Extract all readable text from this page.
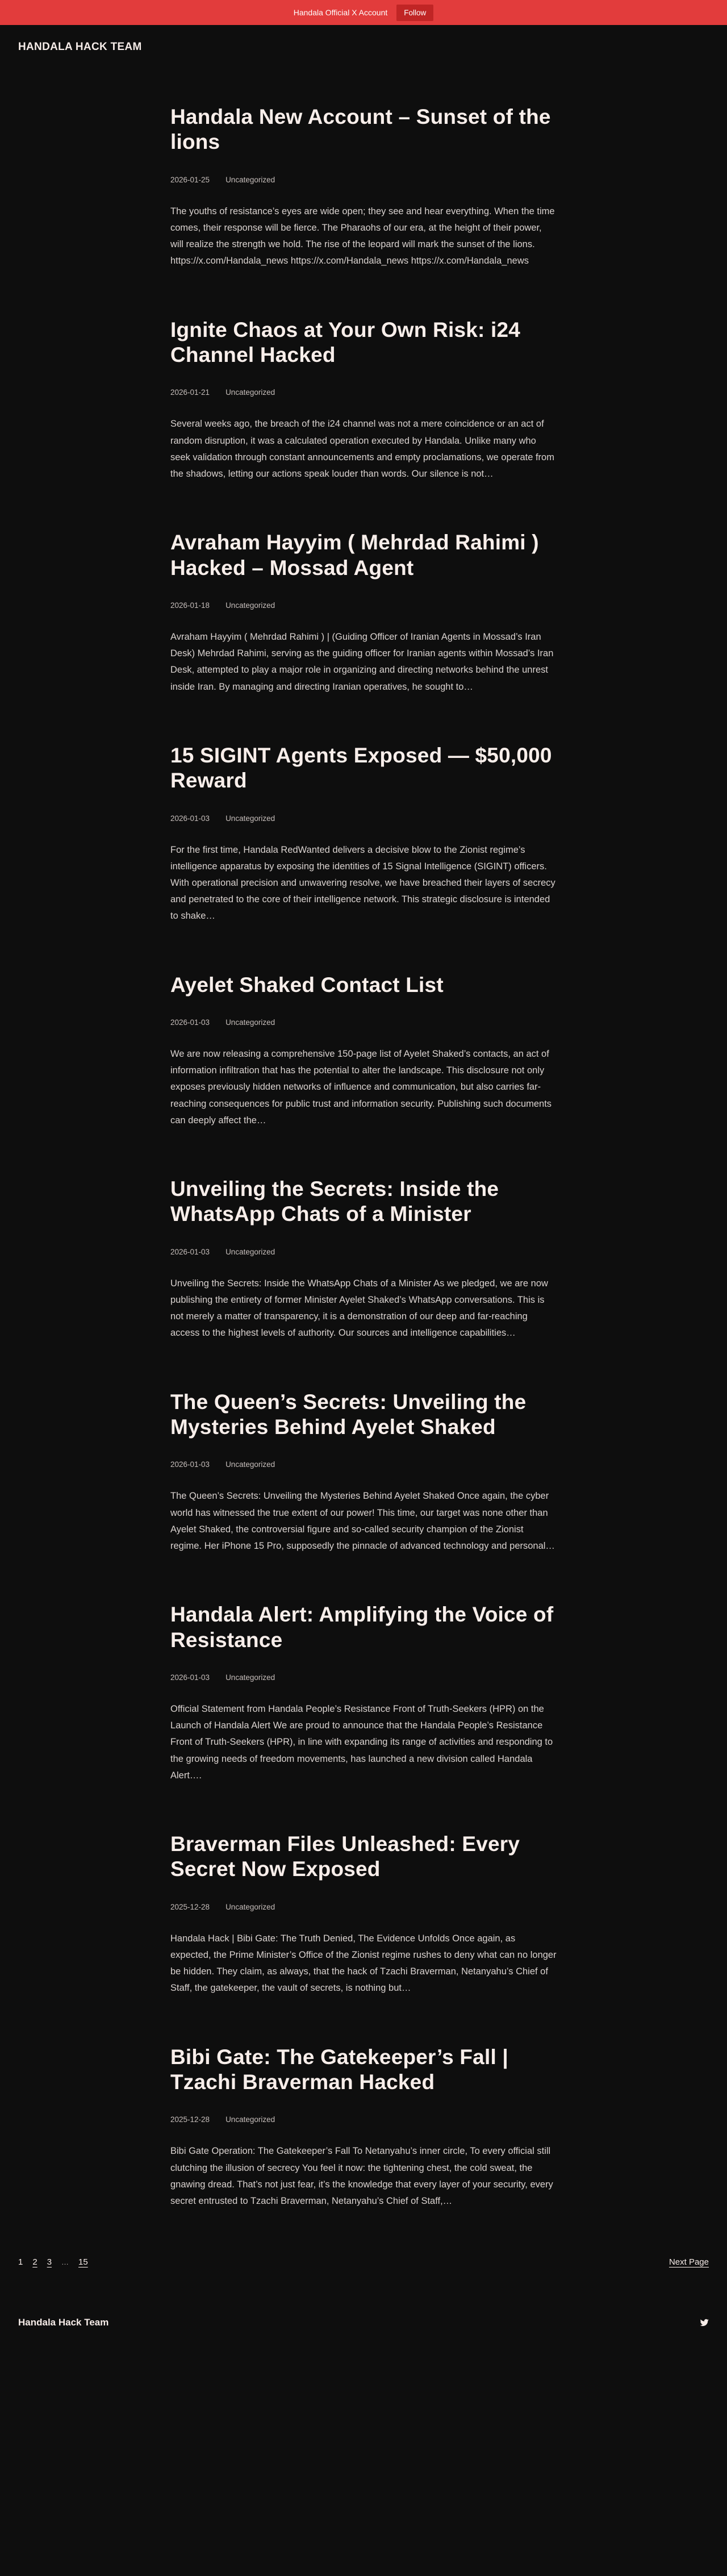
Handala Official X Account	Follow
HANDALA HACK TEAM
Handala New Account – Sunset of the lions
2026-01-25 Uncategorized

The youths of resistance’s eyes are wide open; they see and hear everything. When the time comes, their response will be fierce. The Pharaohs of our era, at the height of their power, will realize the strength we hold. The rise of the leopard will mark the sunset of the lions. https://x.com/Handala_news https://x.com/Handala_news https://x.com/Handala_news

Ignite Chaos at Your Own Risk: i24 Channel Hacked
2026-01-21 Uncategorized

Several weeks ago, the breach of the i24 channel was not a mere coincidence or an act of random disruption, it was a calculated operation executed by Handala. Unlike many who seek validation through constant announcements and empty proclamations, we operate from the shadows, letting our actions speak louder than words. Our silence is not…

Avraham Hayyim ( Mehrdad Rahimi ) Hacked – Mossad Agent
2026-01-18 Uncategorized

Avraham Hayyim ( Mehrdad Rahimi ) | (Guiding Officer of Iranian Agents in Mossad’s Iran Desk) Mehrdad Rahimi, serving as the guiding officer for Iranian agents within Mossad’s Iran Desk, attempted to play a major role in organizing and directing networks behind the unrest inside Iran. By managing and directing Iranian operatives, he sought to…

15 SIGINT Agents Exposed — $50,000 Reward
2026-01-03 Uncategorized

For the first time, Handala RedWanted delivers a decisive blow to the Zionist regime’s intelligence apparatus by exposing the identities of 15 Signal Intelligence (SIGINT) officers. With operational precision and unwavering resolve, we have breached their layers of secrecy and penetrated to the core of their intelligence network. This strategic disclosure is intended to shake…

Ayelet Shaked Contact List
2026-01-03 Uncategorized

We are now releasing a comprehensive 150-page list of Ayelet Shaked’s contacts, an act of information infiltration that has the potential to alter the landscape. This disclosure not only exposes previously hidden networks of influence and communication, but also carries far-reaching consequences for public trust and information security. Publishing such documents can deeply affect the…

Unveiling the Secrets: Inside the WhatsApp Chats of a Minister
2026-01-03 Uncategorized

Unveiling the Secrets: Inside the WhatsApp Chats of a Minister As we pledged, we are now publishing the entirety of former Minister Ayelet Shaked’s WhatsApp conversations. This is not merely a matter of transparency, it is a demonstration of our deep and far-reaching access to the highest levels of authority. Our sources and intelligence capabilities…

The Queen’s Secrets: Unveiling the Mysteries Behind Ayelet Shaked
2026-01-03 Uncategorized

The Queen’s Secrets: Unveiling the Mysteries Behind Ayelet Shaked Once again, the cyber world has witnessed the true extent of our power! This time, our target was none other than Ayelet Shaked, the controversial figure and so-called security champion of the Zionist regime. Her iPhone 15 Pro, supposedly the pinnacle of advanced technology and personal…

Handala Alert: Amplifying the Voice of Resistance
2026-01-03 Uncategorized

Official Statement from Handala People’s Resistance Front of Truth-Seekers (HPR) on the Launch of Handala Alert We are proud to announce that the Handala People’s Resistance Front of Truth-Seekers (HPR), in line with expanding its range of activities and responding to the growing needs of freedom movements, has launched a new division called Handala Alert….

Braverman Files Unleashed: Every Secret Now Exposed
2025-12-28 Uncategorized

Handala Hack | Bibi Gate: The Truth Denied, The Evidence Unfolds Once again, as expected, the Prime Minister’s Office of the Zionist regime rushes to deny what can no longer be hidden. They claim, as always, that the hack of Tzachi Braverman, Netanyahu’s Chief of Staff, the gatekeeper, the vault of secrets, is nothing but…

Bibi Gate: The Gatekeeper’s Fall | Tzachi Braverman Hacked
2025-12-28 Uncategorized

Bibi Gate Operation: The Gatekeeper’s Fall To Netanyahu’s inner circle, To every official still clutching the illusion of secrecy You feel it now: the tightening chest, the cold sweat, the gnawing dread. That’s not just fear, it’s the knowledge that every layer of your security, every secret entrusted to Tzachi Braverman, Netanyahu’s Chief of Staff,…

1 2 3 … 15	Next Page
Handala Hack Team
